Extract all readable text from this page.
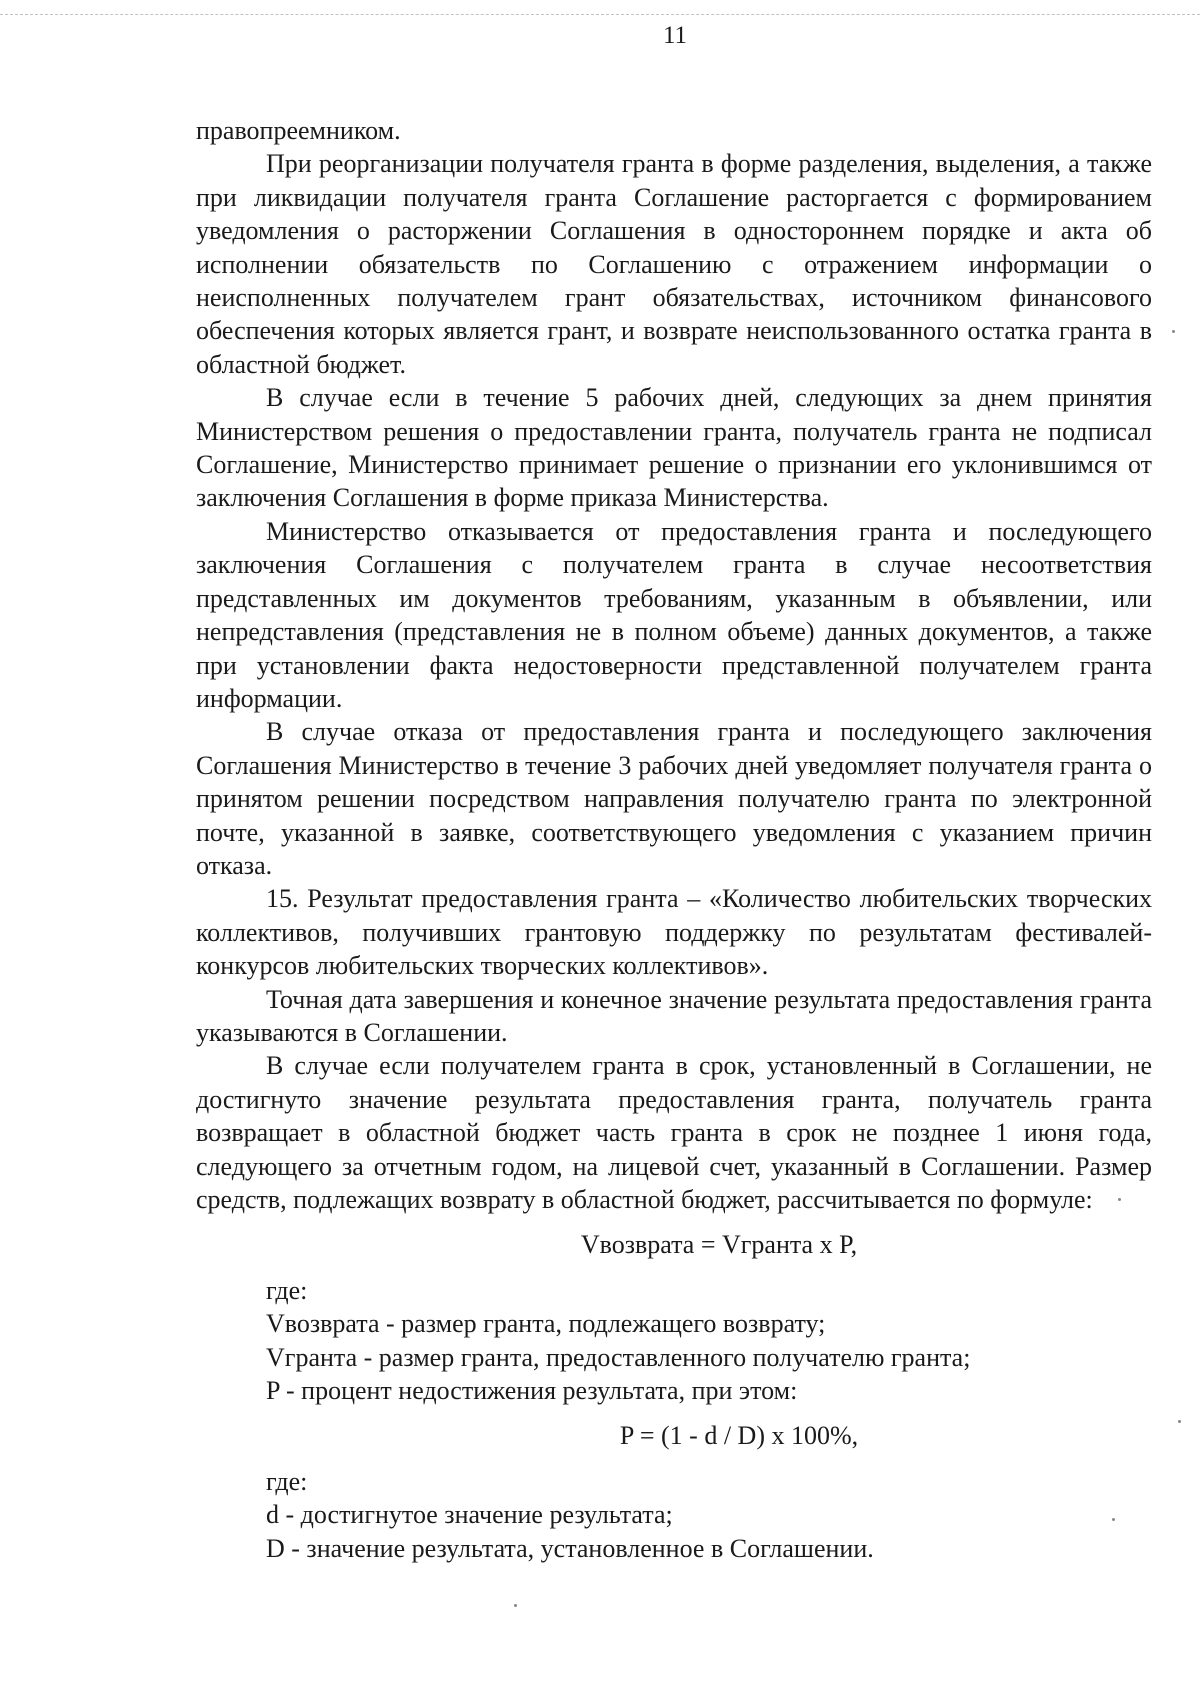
11

правопреемником.

При реорганизации получателя гранта в форме разделения, выделения, а также при ликвидации получателя гранта Соглашение расторгается с формированием уведомления о расторжении Соглашения в одностороннем порядке и акта об исполнении обязательств по Соглашению с отражением информации о неисполненных получателем грант обязательствах, источником финансового обеспечения которых является грант, и возврате неиспользованного остатка гранта в областной бюджет.

В случае если в течение 5 рабочих дней, следующих за днем принятия Министерством решения о предоставлении гранта, получатель гранта не подписал Соглашение, Министерство принимает решение о признании его уклонившимся от заключения Соглашения в форме приказа Министерства.

Министерство отказывается от предоставления гранта и последующего заключения Соглашения с получателем гранта в случае несоответствия представленных им документов требованиям, указанным в объявлении, или непредставления (представления не в полном объеме) данных документов, а также при установлении факта недостоверности представленной получателем гранта информации.

В случае отказа от предоставления гранта и последующего заключения Соглашения Министерство в течение 3 рабочих дней уведомляет получателя гранта о принятом решении посредством направления получателю гранта по электронной почте, указанной в заявке, соответствующего уведомления с указанием причин отказа.

15. Результат предоставления гранта – «Количество любительских творческих коллективов, получивших грантовую поддержку по результатам фестивалей-конкурсов любительских творческих коллективов».

Точная дата завершения и конечное значение результата предоставления гранта указываются в Соглашении.

В случае если получателем гранта в срок, установленный в Соглашении, не достигнуто значение результата предоставления гранта, получатель гранта возвращает в областной бюджет часть гранта в срок не позднее 1 июня года, следующего за отчетным годом, на лицевой счет, указанный в Соглашении. Размер средств, подлежащих возврату в областной бюджет, рассчитывается по формуле:

Vвозврата = Vгранта x P,

где:

Vвозврата - размер гранта, подлежащего возврату;

Vгранта - размер гранта, предоставленного получателю гранта;

P - процент недостижения результата, при этом:

P = (1 - d / D) x 100%,

где:

d - достигнутое значение результата;

D - значение результата, установленное в Соглашении.
